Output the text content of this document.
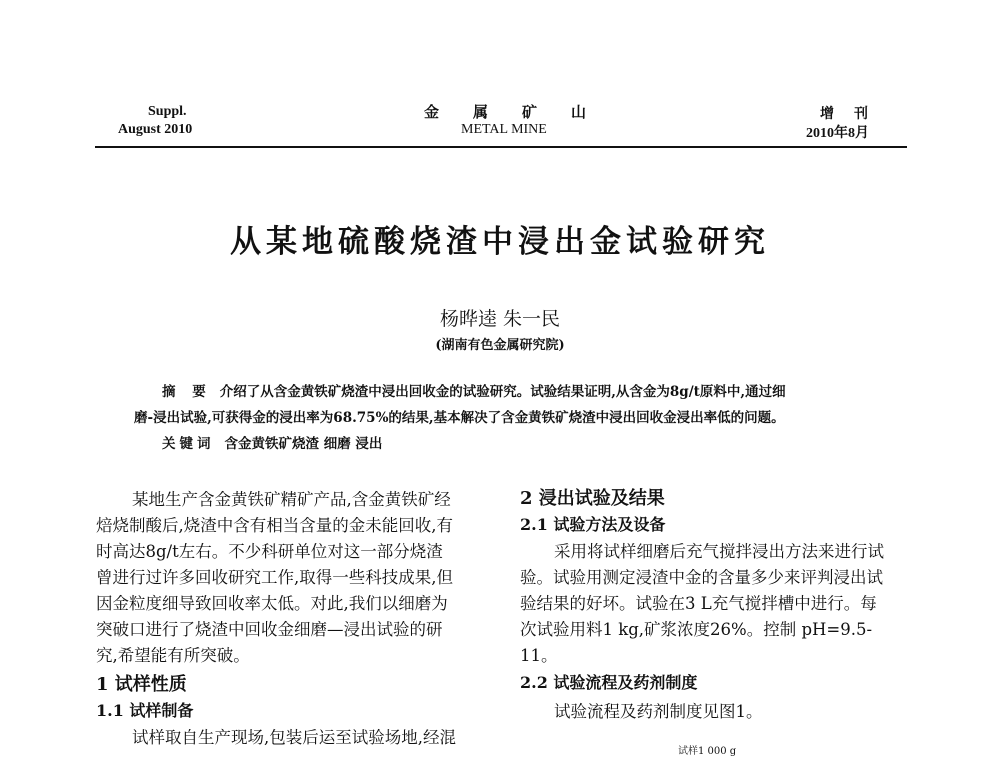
Suppl.
August 2010
金属矿山
METAL MINE
增刊
2010年8月
从某地硫酸烧渣中浸出金试验研究
杨晔逵 朱一民
(湖南有色金属研究院)
摘 要 介绍了从含金黄铁矿烧渣中浸出回收金的试验研究。试验结果证明,从含金为8g/t原料中,通过细
磨-浸出试验,可获得金的浸出率为68.75%的结果,基本解决了含金黄铁矿烧渣中浸出回收金浸出率低的问题。
关键词 含金黄铁矿烧渣 细磨 浸出
某地生产含金黄铁矿精矿产品,含金黄铁矿经
焙烧制酸后,烧渣中含有相当含量的金未能回收,有
时高达8g/t左右。不少科研单位对这一部分烧渣
曾进行过许多回收研究工作,取得一些科技成果,但
因金粒度细导致回收率太低。对此,我们以细磨为
突破口进行了烧渣中回收金细磨—浸出试验的研
究,希望能有所突破。
1 试样性质
1.1 试样制备
试样取自生产现场,包装后运至试验场地,经混
2 浸出试验及结果
2.1 试验方法及设备
采用将试样细磨后充气搅拌浸出方法来进行试
验。试验用测定浸渣中金的含量多少来评判浸出试
验结果的好坏。试验在3 L充气搅拌槽中进行。每
次试验用料1 kg,矿浆浓度26%。控制 pH=9.5-
11。
2.2 试验流程及药剂制度
试验流程及药剂制度见图1。
试样1 000 g
